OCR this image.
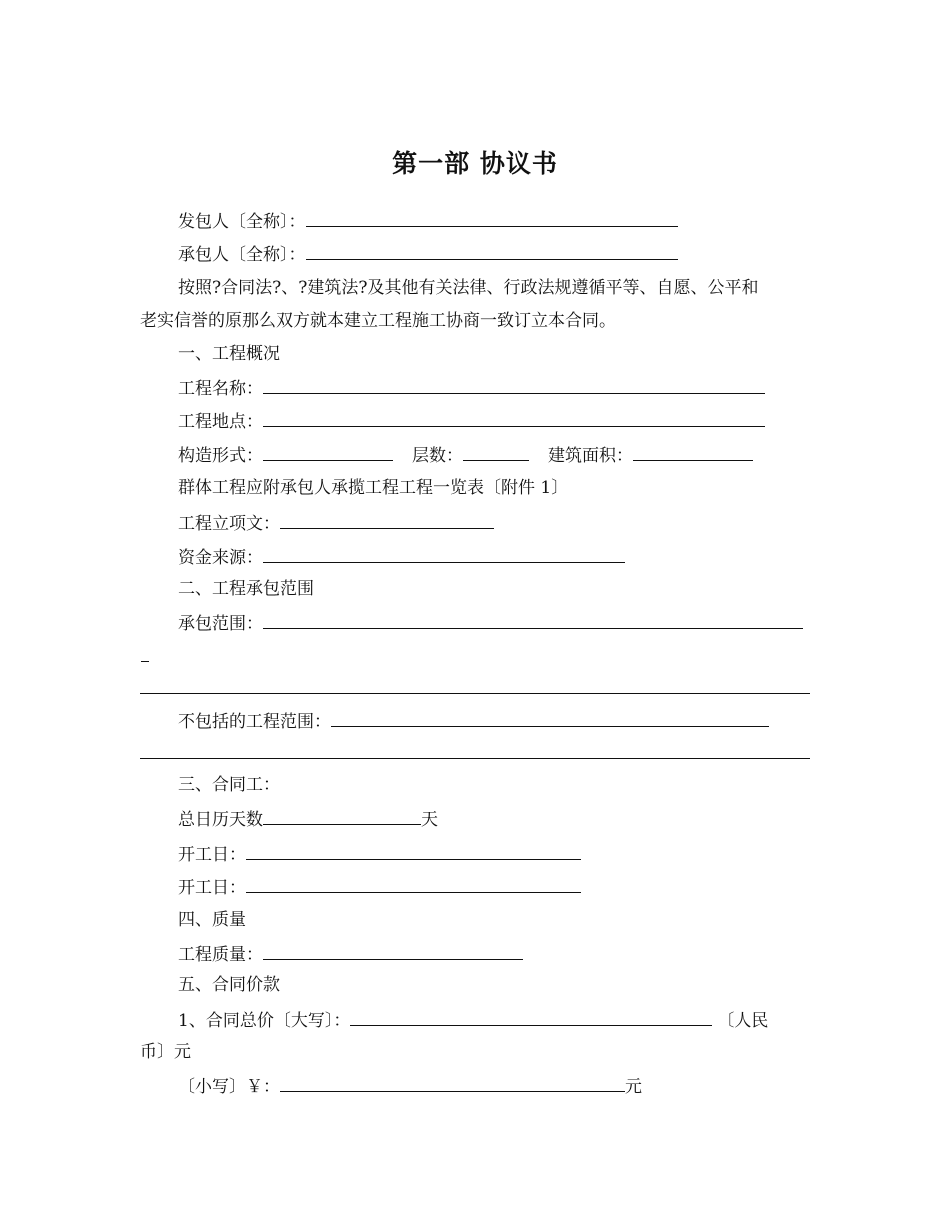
第一部 协议书
发包人〔全称〕：
承包人〔全称〕：
按照?合同法?、?建筑法?及其他有关法律、行政法规遵循平等、自愿、公平和
老实信誉的原那么双方就本建立工程施工协商一致订立本合同。
一、工程概况
工程名称：
工程地点：
构造形式：	层数：	建筑面积：
群体工程应附承包人承揽工程工程一览表〔附件 1〕
工程立项文：
资金来源：
二、工程承包范围
承包范围：
不包括的工程范围：
三、合同工：
总日历天数	天
开工日：
开工日：
四、质量
工程质量：
五、合同价款
1、合同总价〔大写〕：	〔人民
币〕元
〔小写〕￥：	元
